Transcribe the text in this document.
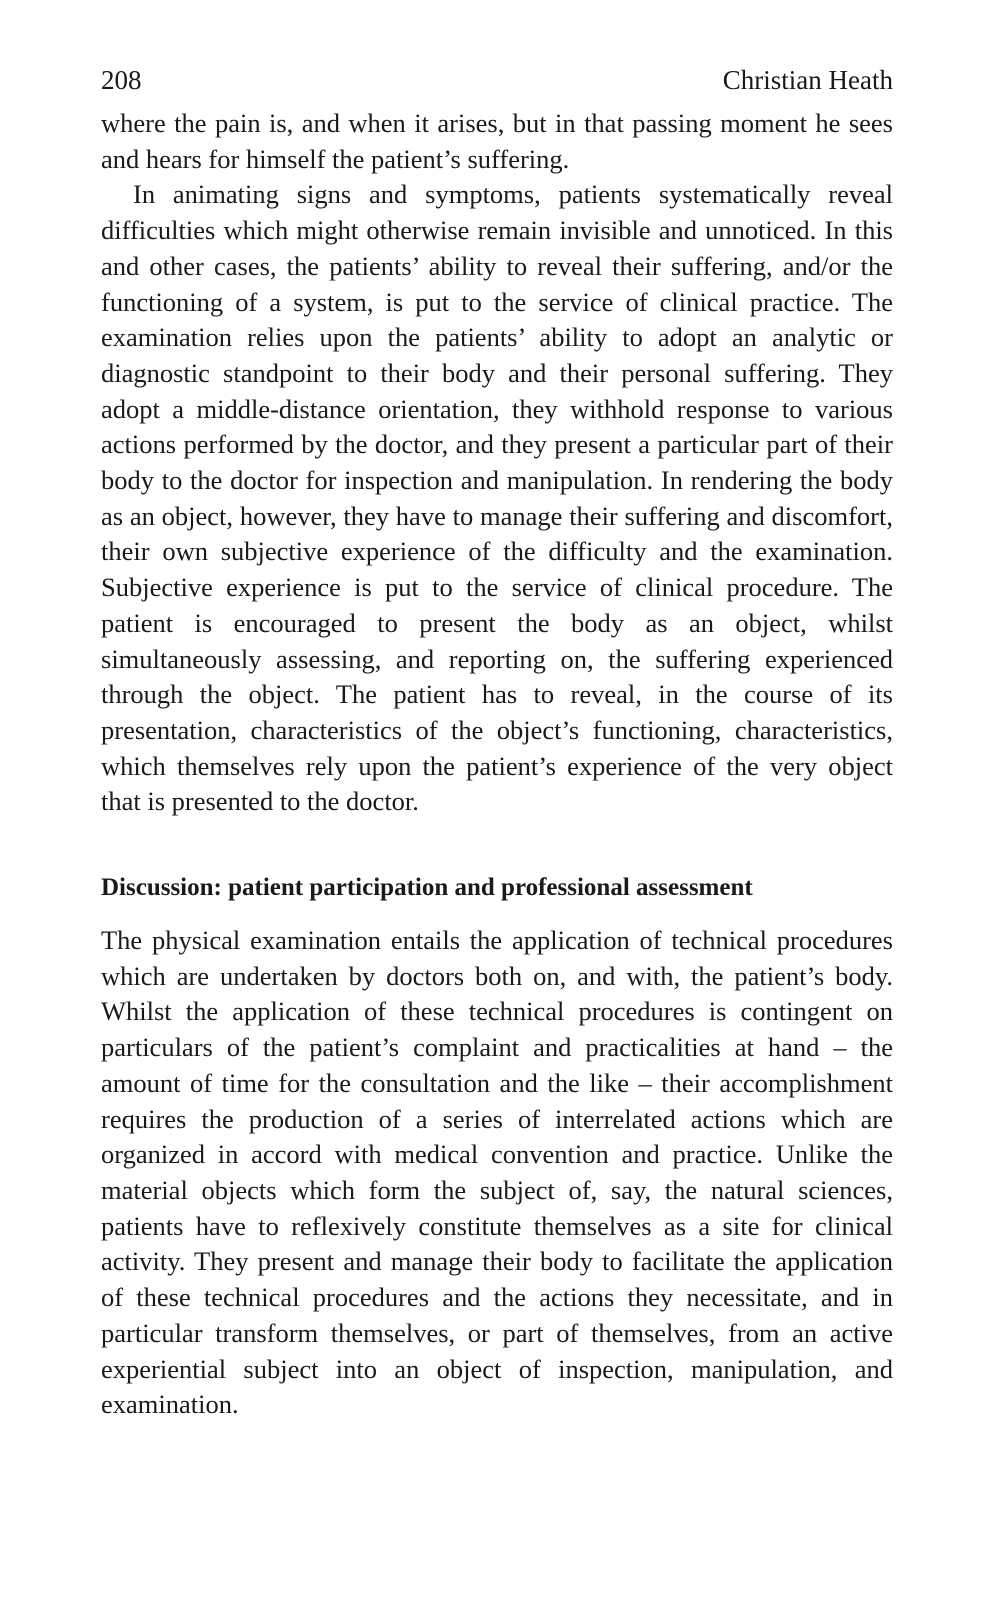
208	Christian Heath

where the pain is, and when it arises, but in that passing moment he sees and hears for himself the patient’s suffering.

In animating signs and symptoms, patients systematically reveal difficulties which might otherwise remain invisible and unnoticed. In this and other cases, the patients’ ability to reveal their suffering, and/or the functioning of a system, is put to the service of clinical practice. The examination relies upon the patients’ ability to adopt an analytic or diagnostic standpoint to their body and their personal suffering. They adopt a middle-distance orientation, they withhold response to various actions performed by the doctor, and they present a particular part of their body to the doctor for inspection and manipulation. In rendering the body as an object, however, they have to manage their suffering and discomfort, their own subjective experience of the difficulty and the examination. Subjective experience is put to the service of clinical procedure. The patient is encouraged to present the body as an object, whilst simultaneously assessing, and reporting on, the suffering experienced through the object. The patient has to reveal, in the course of its presentation, characteristics of the object’s functioning, characteristics, which themselves rely upon the patient’s experience of the very object that is presented to the doctor.

Discussion: patient participation and professional assessment

The physical examination entails the application of technical procedures which are undertaken by doctors both on, and with, the patient’s body. Whilst the application of these technical procedures is contingent on particulars of the patient’s complaint and practicalities at hand – the amount of time for the consultation and the like – their accomplishment requires the production of a series of interrelated actions which are organized in accord with medical convention and practice. Unlike the material objects which form the subject of, say, the natural sciences, patients have to reflexively constitute themselves as a site for clinical activity. They present and manage their body to facilitate the application of these technical procedures and the actions they necessitate, and in particular transform themselves, or part of themselves, from an active experiential subject into an object of inspection, manipulation, and examination.
